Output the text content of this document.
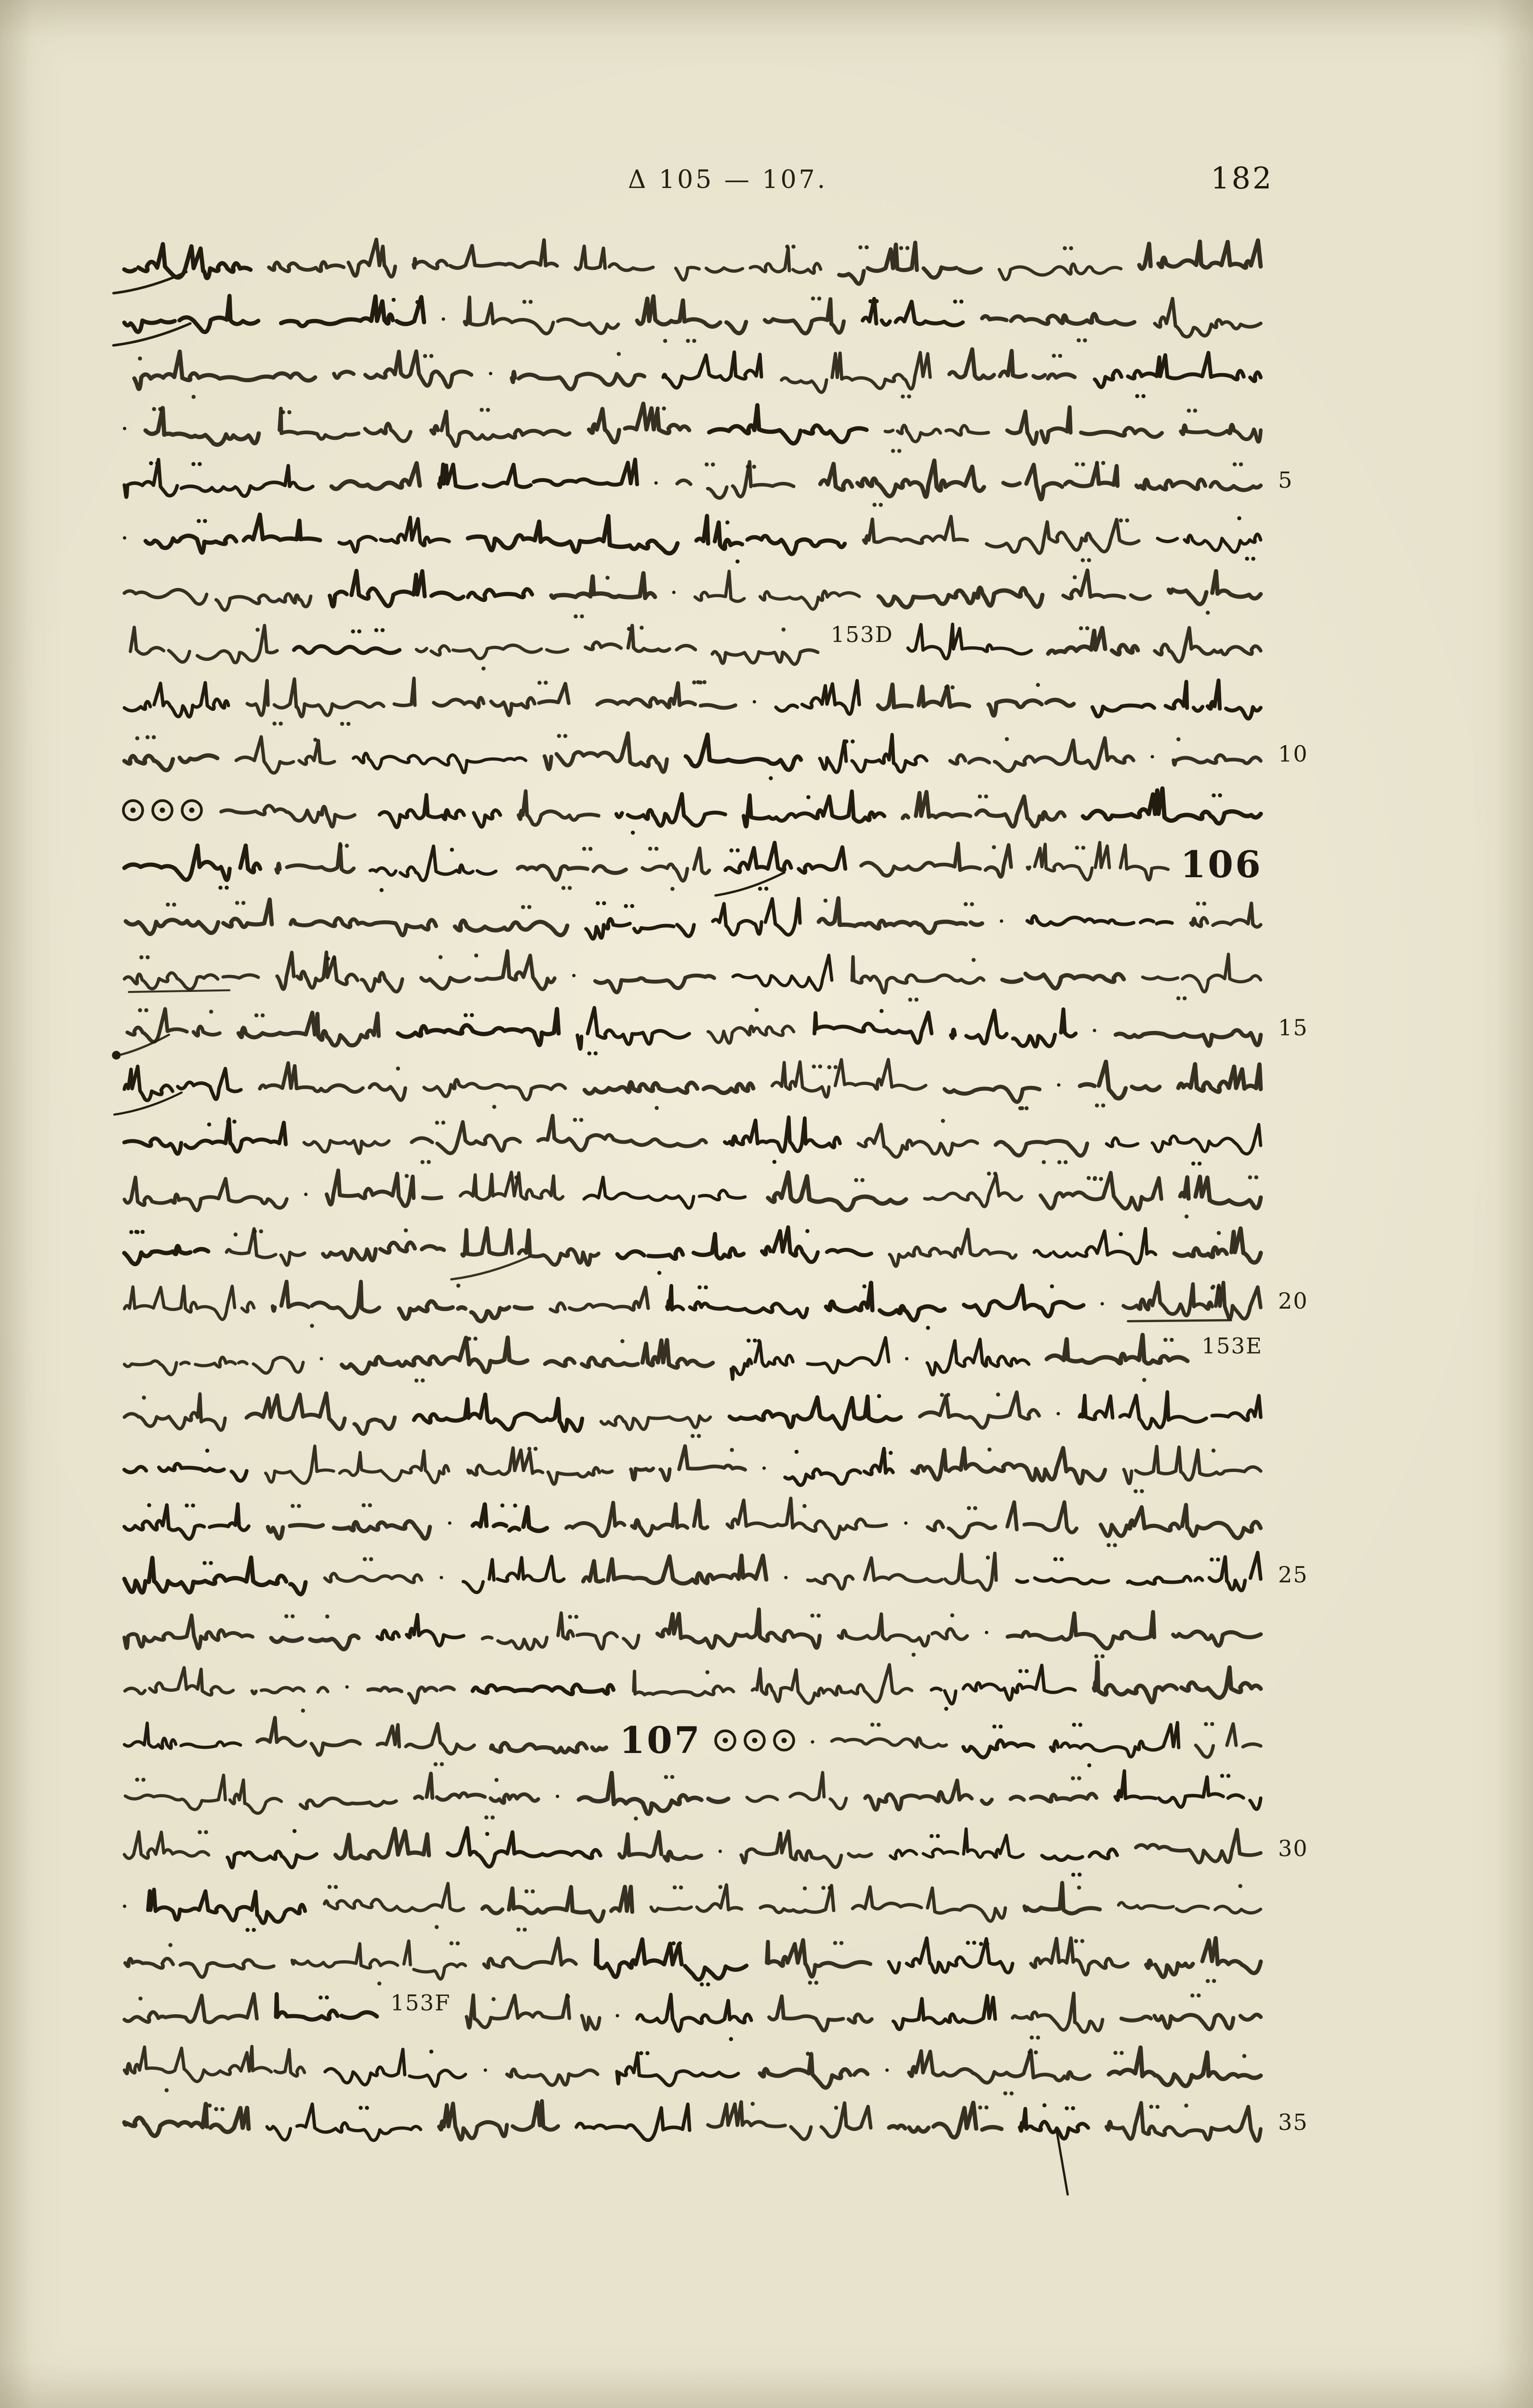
Δ 105 — 107.	182
·
·
·
·
·
·
153D
·
·
106
·
·
·
·
·
·
153E
·
·
·
·
·
·
·
·
·
·
·
107
·
·
·
·
153F
·
·
5
10
15
20
25
30
35
